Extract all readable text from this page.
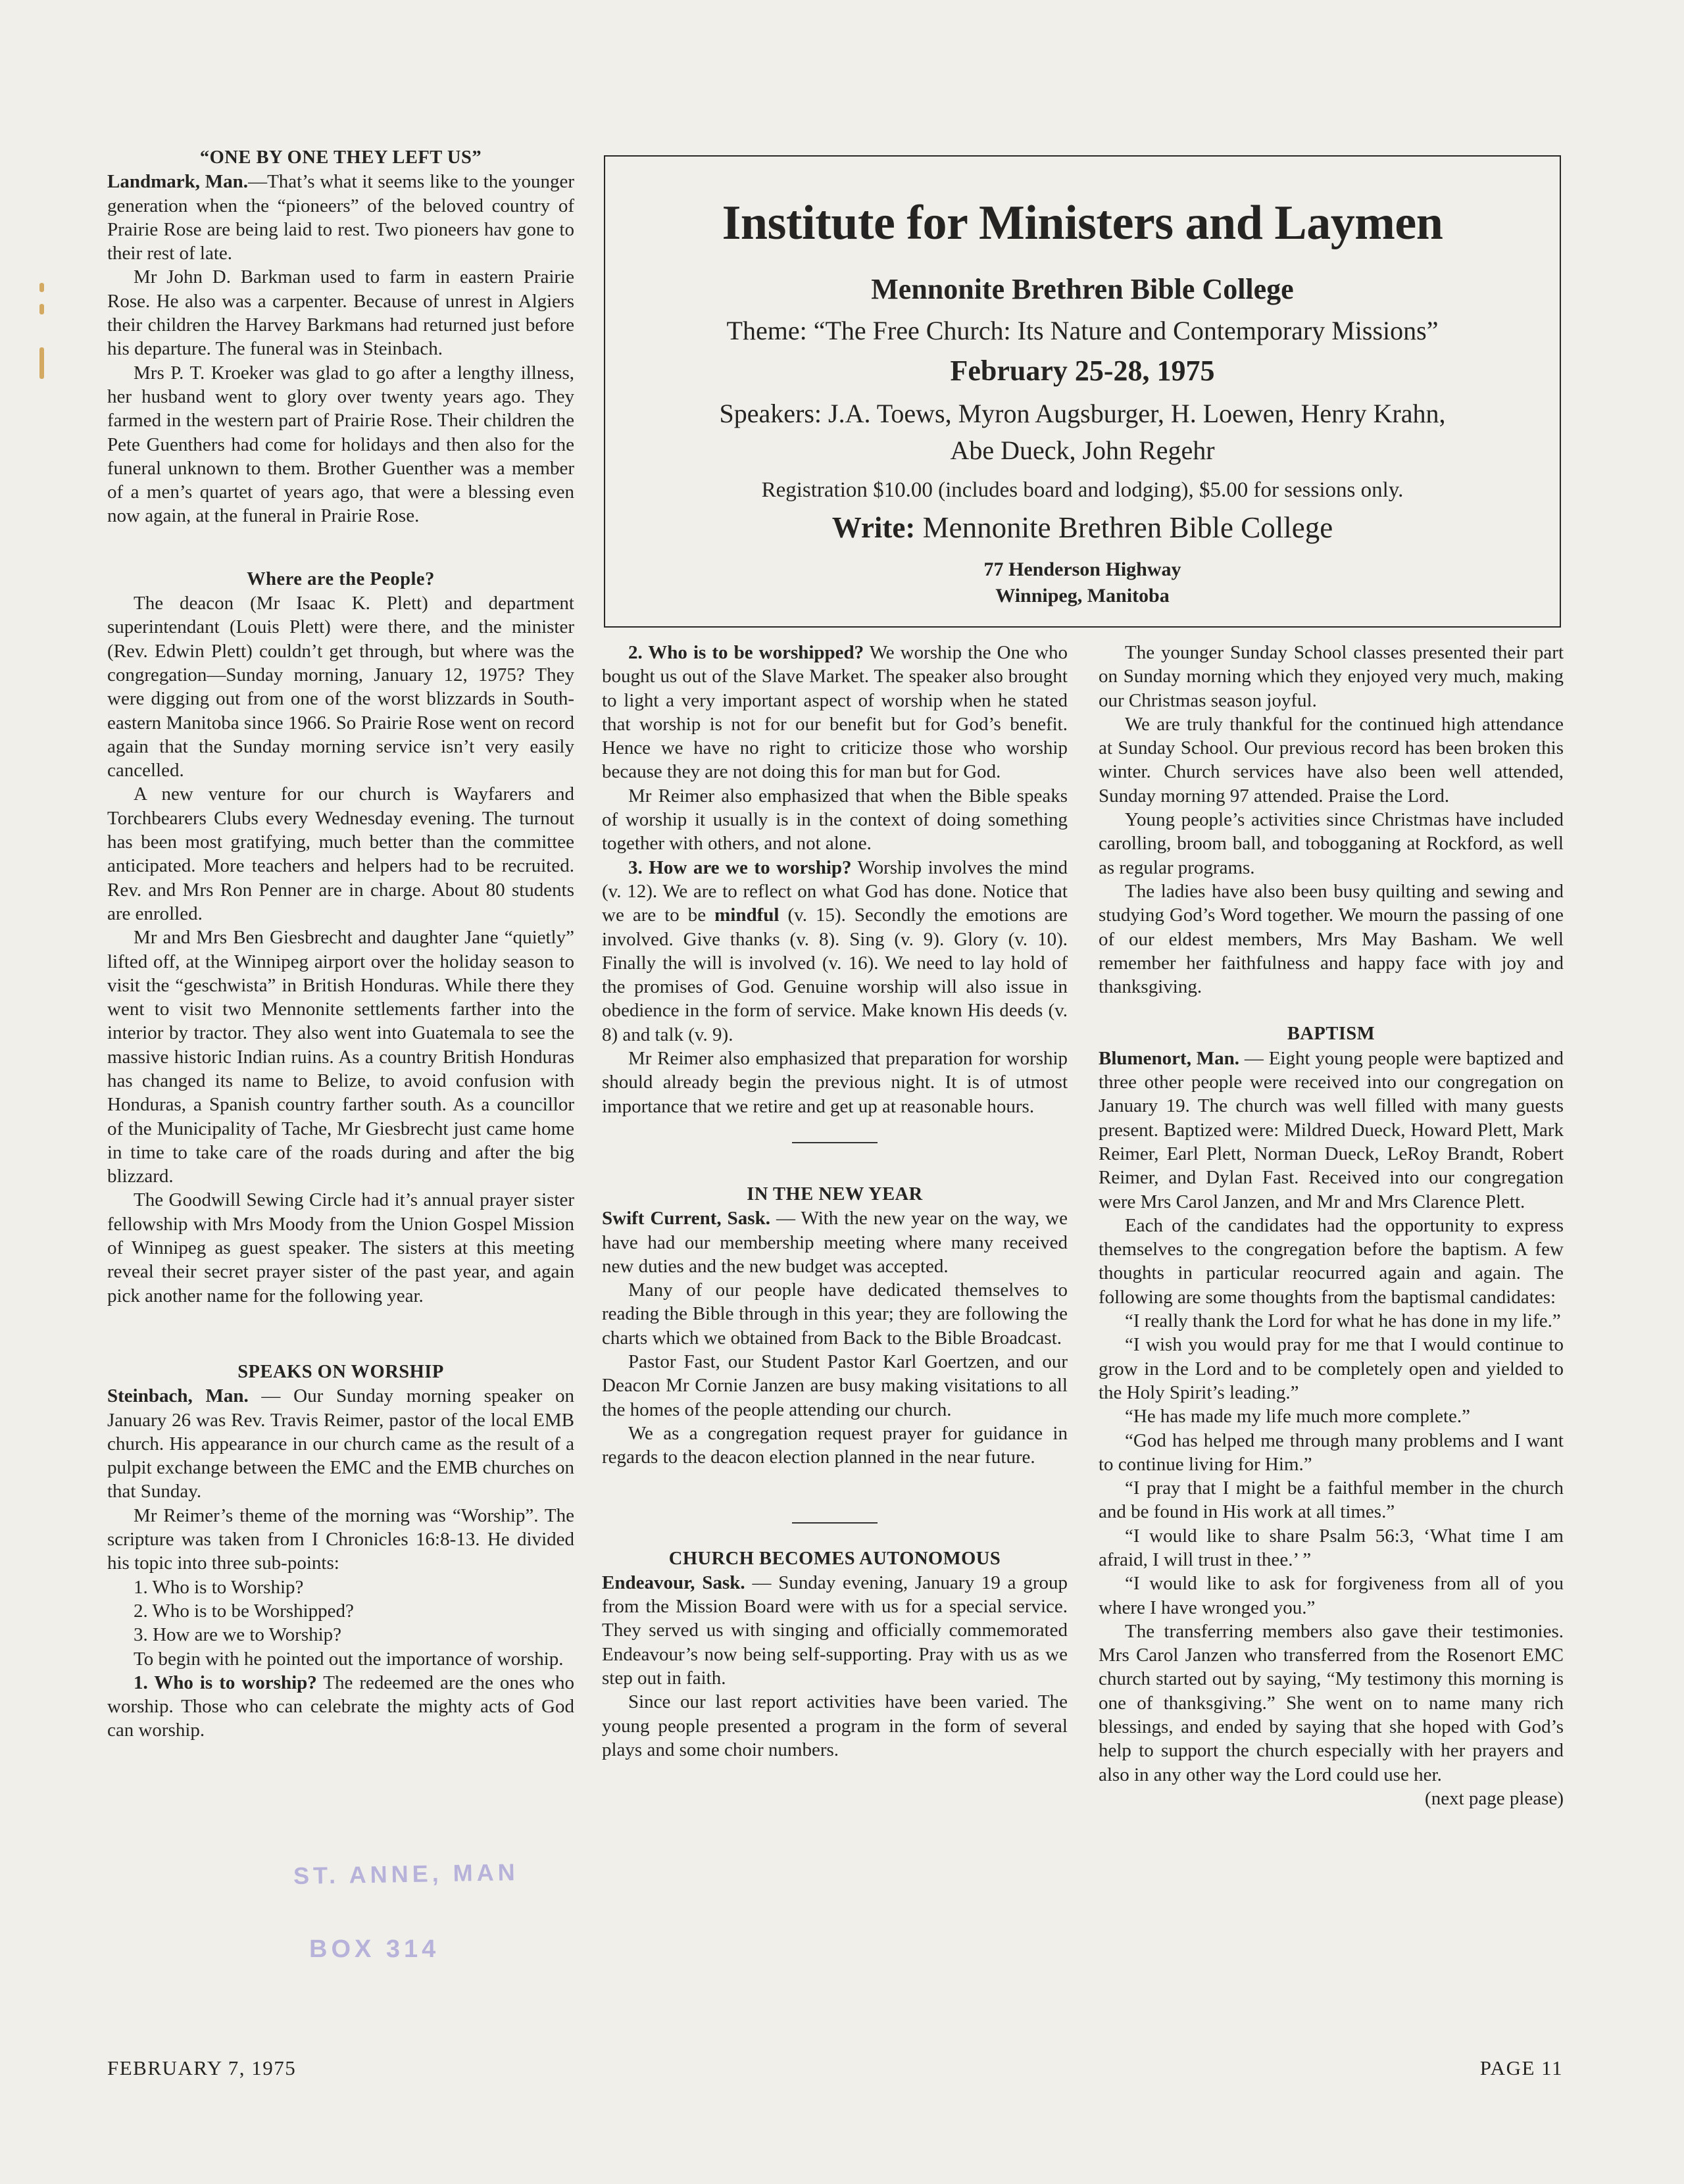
“ONE BY ONE THEY LEFT US”

Landmark, Man.—That’s what it seems like to the younger generation when the “pioneers” of the beloved country of Prairie Rose are being laid to rest. Two pioneers hav gone to their rest of late.

Mr John D. Barkman used to farm in eastern Prairie Rose. He also was a carpenter. Because of unrest in Algiers their children the Harvey Barkmans had returned just before his departure. The funeral was in Steinbach.

Mrs P. T. Kroeker was glad to go after a lengthy illness, her husband went to glory over twenty years ago. They farmed in the western part of Prairie Rose. Their children the Pete Guenthers had come for holidays and then also for the funeral unknown to them. Brother Guenther was a member of a men’s quartet of years ago, that were a blessing even now again, at the funeral in Prairie Rose.

Where are the People?

The deacon (Mr Isaac K. Plett) and department superintendant (Louis Plett) were there, and the minister (Rev. Edwin Plett) couldn’t get through, but where was the congregation—Sunday morning, January 12, 1975? They were digging out from one of the worst blizzards in South-eastern Manitoba since 1966. So Prairie Rose went on record again that the Sunday morning service isn’t very easily cancelled.

A new venture for our church is Wayfarers and Torchbearers Clubs every Wednesday evening. The turnout has been most gratifying, much better than the committee anticipated. More teachers and helpers had to be recruited. Rev. and Mrs Ron Penner are in charge. About 80 students are enrolled.

Mr and Mrs Ben Giesbrecht and daughter Jane “quietly” lifted off, at the Winnipeg airport over the holiday season to visit the “geschwista” in British Honduras. While there they went to visit two Mennonite settlements farther into the interior by tractor. They also went into Guatemala to see the massive historic Indian ruins. As a country British Honduras has changed its name to Belize, to avoid confusion with Honduras, a Spanish country farther south. As a councillor of the Municipality of Tache, Mr Giesbrecht just came home in time to take care of the roads during and after the big blizzard.

The Goodwill Sewing Circle had it’s annual prayer sister fellowship with Mrs Moody from the Union Gospel Mission of Winnipeg as guest speaker. The sisters at this meeting reveal their secret prayer sister of the past year, and again pick another name for the following year.

SPEAKS ON WORSHIP

Steinbach, Man. — Our Sunday morning speaker on January 26 was Rev. Travis Reimer, pastor of the local EMB church. His appearance in our church came as the result of a pulpit exchange between the EMC and the EMB churches on that Sunday.

Mr Reimer’s theme of the morning was “Worship”. The scripture was taken from I Chronicles 16:8-13. He divided his topic into three sub-points:

1. Who is to Worship?

2. Who is to be Worshipped?

3. How are we to Worship?

To begin with he pointed out the importance of worship.

1. Who is to worship? The redeemed are the ones who worship. Those who can celebrate the mighty acts of God can worship.

Institute for Ministers and Laymen
Mennonite Brethren Bible College
Theme: “The Free Church: Its Nature and Contemporary Missions”
February 25-28, 1975
Speakers: J.A. Toews, Myron Augsburger, H. Loewen, Henry Krahn,
Abe Dueck, John Regehr
Registration $10.00 (includes board and lodging), $5.00 for sessions only.
Write: Mennonite Brethren Bible College
77 Henderson Highway
Winnipeg, Manitoba

2. Who is to be worshipped? We worship the One who bought us out of the Slave Market. The speaker also brought to light a very important aspect of worship when he stated that worship is not for our benefit but for God’s benefit. Hence we have no right to criticize those who worship because they are not doing this for man but for God.

Mr Reimer also emphasized that when the Bible speaks of worship it usually is in the context of doing something together with others, and not alone.

3. How are we to worship? Worship involves the mind (v. 12). We are to reflect on what God has done. Notice that we are to be mindful (v. 15). Secondly the emotions are involved. Give thanks (v. 8). Sing (v. 9). Glory (v. 10). Finally the will is involved (v. 16). We need to lay hold of the promises of God. Genuine worship will also issue in obedience in the form of service. Make known His deeds (v. 8) and talk (v. 9).

Mr Reimer also emphasized that preparation for worship should already begin the previous night. It is of utmost importance that we retire and get up at reasonable hours.

IN THE NEW YEAR

Swift Current, Sask. — With the new year on the way, we have had our membership meeting where many received new duties and the new budget was accepted.

Many of our people have dedicated themselves to reading the Bible through in this year; they are following the charts which we obtained from Back to the Bible Broadcast.

Pastor Fast, our Student Pastor Karl Goertzen, and our Deacon Mr Cornie Janzen are busy making visitations to all the homes of the people attending our church.

We as a congregation request prayer for guidance in regards to the deacon election planned in the near future.

CHURCH BECOMES AUTONOMOUS

Endeavour, Sask. — Sunday evening, January 19 a group from the Mission Board were with us for a special service. They served us with singing and officially commemorated Endeavour’s now being self-supporting. Pray with us as we step out in faith.

Since our last report activities have been varied. The young people presented a program in the form of several plays and some choir numbers.

The younger Sunday School classes presented their part on Sunday morning which they enjoyed very much, making our Christmas season joyful.

We are truly thankful for the continued high attendance at Sunday School. Our previous record has been broken this winter. Church services have also been well attended, Sunday morning 97 attended. Praise the Lord.

Young people’s activities since Christmas have included carolling, broom ball, and tobogganing at Rockford, as well as regular programs.

The ladies have also been busy quilting and sewing and studying God’s Word together. We mourn the passing of one of our eldest members, Mrs May Basham. We well remember her faithfulness and happy face with joy and thanksgiving.

BAPTISM

Blumenort, Man. — Eight young people were baptized and three other people were received into our congregation on January 19. The church was well filled with many guests present. Baptized were: Mildred Dueck, Howard Plett, Mark Reimer, Earl Plett, Norman Dueck, LeRoy Brandt, Robert Reimer, and Dylan Fast. Received into our congregation were Mrs Carol Janzen, and Mr and Mrs Clarence Plett.

Each of the candidates had the opportunity to express themselves to the congregation before the baptism. A few thoughts in particular reocurred again and again. The following are some thoughts from the baptismal candidates:

“I really thank the Lord for what he has done in my life.”

“I wish you would pray for me that I would continue to grow in the Lord and to be completely open and yielded to the Holy Spirit’s leading.”

“He has made my life much more complete.”

“God has helped me through many problems and I want to continue living for Him.”

“I pray that I might be a faithful member in the church and be found in His work at all times.”

“I would like to share Psalm 56:3, ‘What time I am afraid, I will trust in thee.’ ”

“I would like to ask for forgiveness from all of you where I have wronged you.”

The transferring members also gave their testimonies. Mrs Carol Janzen who transferred from the Rosenort EMC church started out by saying, “My testimony this morning is one of thanksgiving.” She went on to name many rich blessings, and ended by saying that she hoped with God’s help to support the church especially with her prayers and also in any other way the Lord could use her.

(next page please)

ST. ANNE, MAN
BOX 314
FEBRUARY 7, 1975	PAGE 11
